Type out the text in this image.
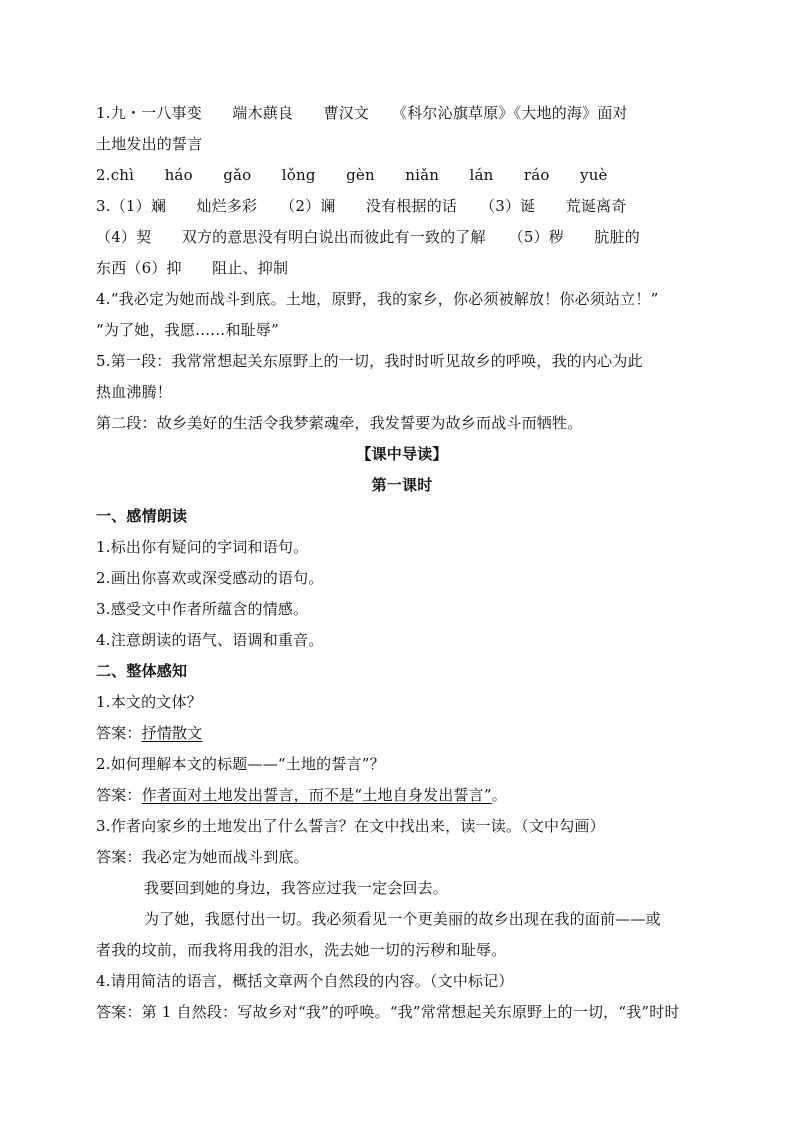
1.九・一八事变　　端木蕻良　　曹汉文　　《科尔沁旗草原》《大地的海》面对
土地发出的誓言
2.chì　　háo　　gǎo　　lǒng　　gèn　　niǎn　　lán　　ráo　　yuè
3.（1）斓　　灿烂多彩　　（2）谰　　没有根据的话　　（3）诞　　荒诞离奇
（4）契　　双方的意思没有明白说出而彼此有一致的了解　　（5）秽　　肮脏的
东西（6）抑　　阻止、抑制
4.“我必定为她而战斗到底。土地，原野，我的家乡，你必须被解放！你必须站立！”
“为了她，我愿……和耻辱”
5.第一段：我常常想起关东原野上的一切，我时时听见故乡的呼唤，我的内心为此
热血沸腾！
第二段：故乡美好的生活令我梦萦魂牵，我发誓要为故乡而战斗而牺牲。
【课中导读】
第一课时
一、感情朗读
1.标出你有疑问的字词和语句。
2.画出你喜欢或深受感动的语句。
3.感受文中作者所蕴含的情感。
4.注意朗读的语气、语调和重音。
二、整体感知
1.本文的文体？
答案：抒情散文
2.如何理解本文的标题——“土地的誓言”？
答案：作者面对土地发出誓言，而不是“土地自身发出誓言”。
3.作者向家乡的土地发出了什么誓言？在文中找出来，读一读。（文中勾画）
答案：我必定为她而战斗到底。
我要回到她的身边，我答应过我一定会回去。
为了她，我愿付出一切。我必须看见一个更美丽的故乡出现在我的面前——或
者我的坟前，而我将用我的泪水，洗去她一切的污秽和耻辱。
4.请用简洁的语言，概括文章两个自然段的内容。（文中标记）
答案：第 1 自然段：写故乡对“我”的呼唤。“我”常常想起关东原野上的一切，“我”时时
